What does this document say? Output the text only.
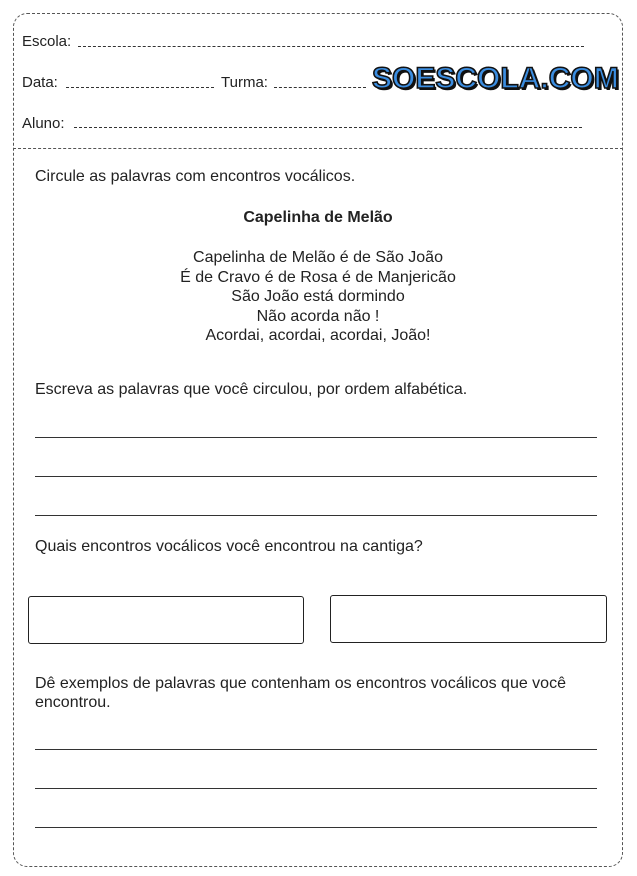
Escola:
Data:	Turma:	SOESCOLA.COM
Aluno:
Circule as palavras com encontros vocálicos.
Capelinha de Melão
Capelinha de Melão é de São João
É de Cravo é de Rosa é de Manjericão
São João está dormindo
Não acorda não !
Acordai, acordai, acordai, João!
Escreva as palavras que você circulou, por ordem alfabética.
Quais encontros vocálicos você encontrou na cantiga?
Dê exemplos de palavras que contenham os encontros vocálicos que você
encontrou.
